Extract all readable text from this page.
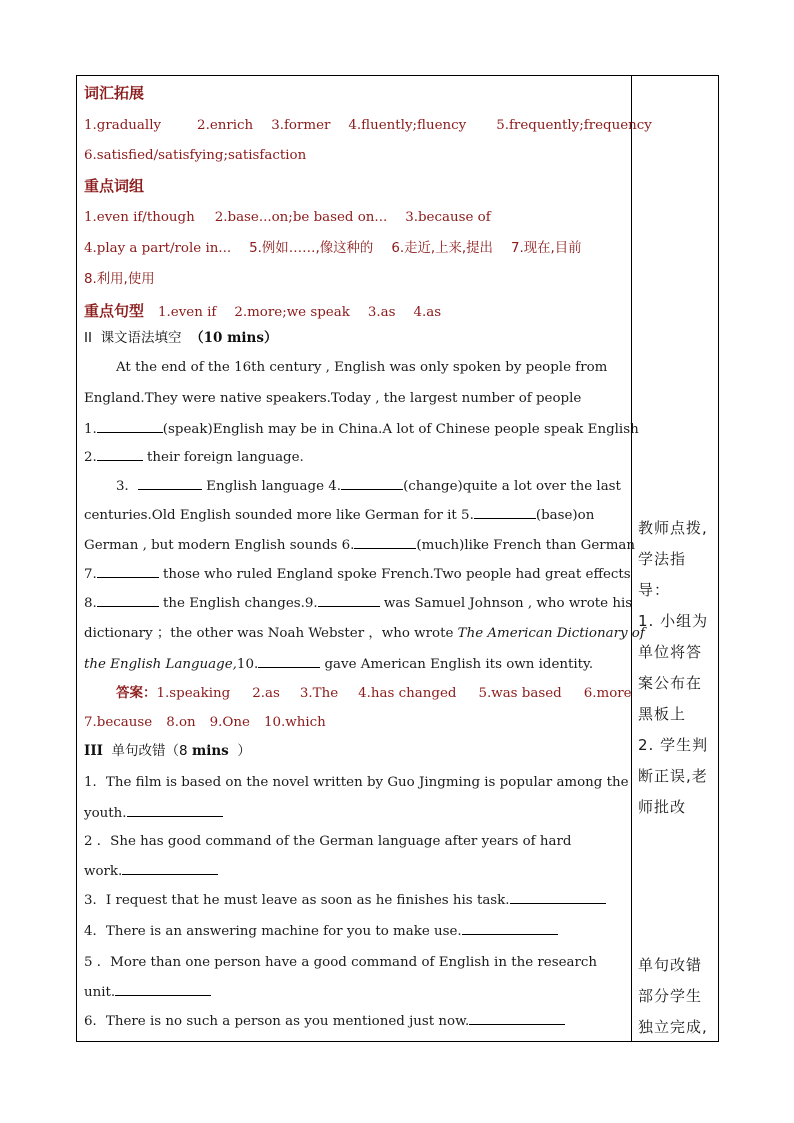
词汇拓展
1.gradually	2.enrich 3.former 4.fluently;fluency 5.frequently;frequency
6.satisfied/satisfying;satisfaction
重点词组
1.even if/though 2.base...on;be based on... 3.because of
4.play a part/role in... 5.例如……,像这种的 6.走近,上来,提出 7.现在,目前
8.利用,使用
重点句型 1.even if 2.more;we speak 3.as 4.as
II 课文语法填空 （10 mins）
At the end of the 16th century , English was only spoken by people from
England.They were native speakers.Today , the largest number of people
1.	(speak)English may be in China.A lot of Chinese people speak English
2.	their foreign language.
3．	English language 4.	(change)quite a lot over the last
centuries.Old English sounded more like German for it 5.	(base)on
German , but modern English sounds 6.	(much)like French than German
7.	those who ruled England spoke French.Two people had great effects
8.	the English changes.9.	was Samuel Johnson , who wrote his
dictionary ；the other was Noah Webster ，who wrote The American Dictionary of
the English Language,10.	gave American English its own identity.
答案：1.speaking 2.as 3.The 4.has changed 5.was based 6.more
7.because 8.on 9.One 10.which
III 单句改错（8 mins ）
1．The film is based on the novel written by Guo Jingming is popular among the
youth.
2 ．She has good command of the German language after years of hard
work.
3．I request that he must leave as soon as he finishes his task.
4．There is an answering machine for you to make use.
5 ．More than one person have a good command of English in the research
unit.
6．There is no such a person as you mentioned just now.
教师点拨,
学法指导：
1. 小组为
单位将答
案公布在
黑板上
2. 学生判
断正误,老
师批改
单句改错
部分学生
独立完成,
